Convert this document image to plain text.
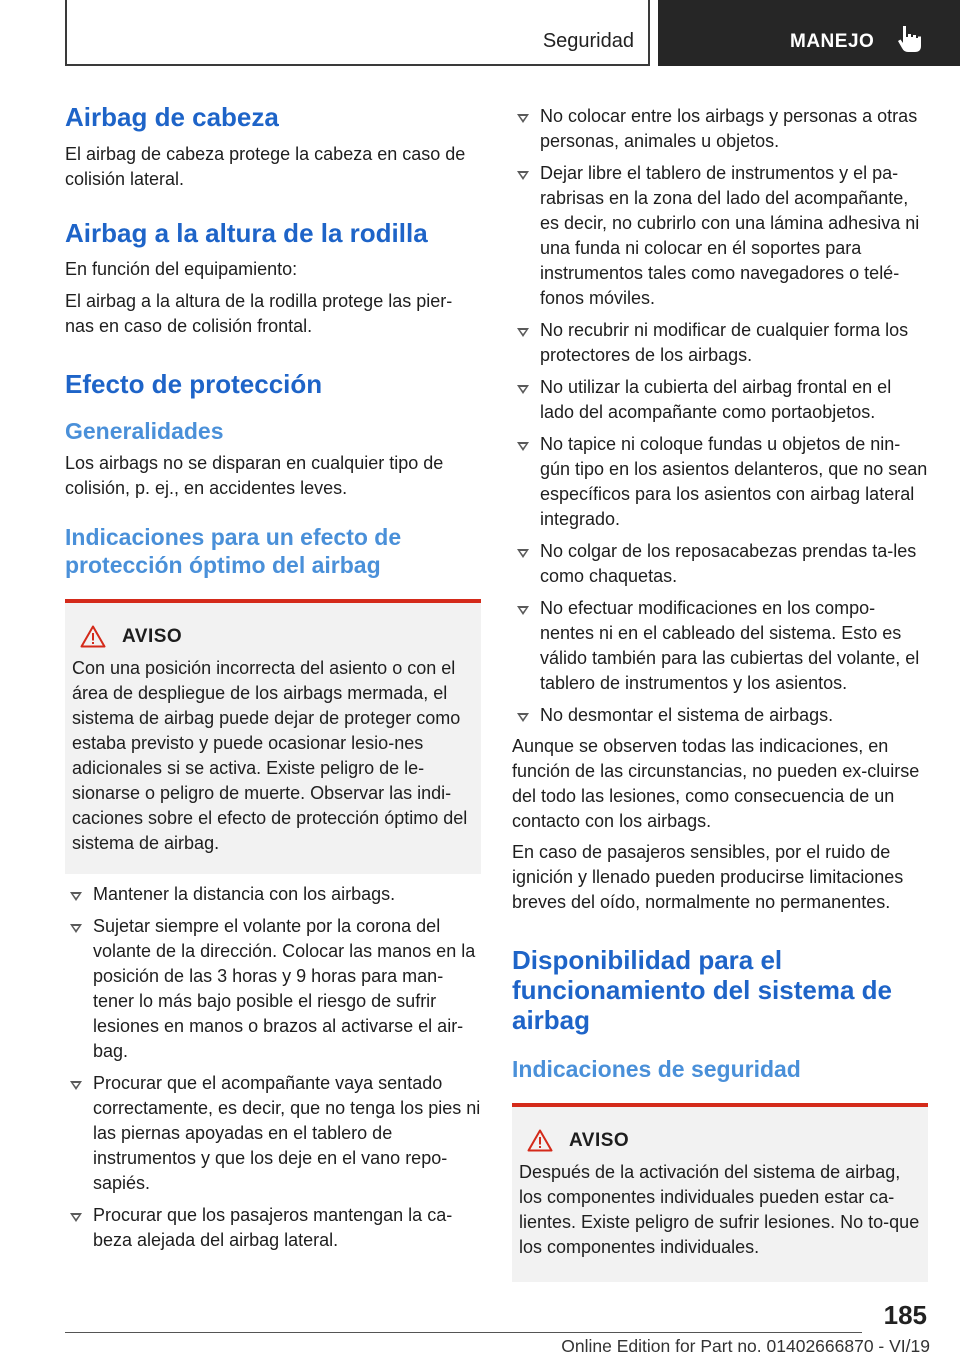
Seguridad	MANEJO
Airbag de cabeza

El airbag de cabeza protege la cabeza en caso de colisión lateral.

Airbag a la altura de la rodilla

En función del equipamiento:

El airbag a la altura de la rodilla protege las pier-nas en caso de colisión frontal.

Efecto de protección
Generalidades

Los airbags no se disparan en cualquier tipo de colisión, p. ej., en accidentes leves.

Indicaciones para un efecto de protección óptimo del airbag
AVISO

Con una posición incorrecta del asiento o con el área de despliegue de los airbags mermada, el sistema de airbag puede dejar de proteger como estaba previsto y puede ocasionar lesio-nes adicionales si se activa. Existe peligro de le-sionarse o peligro de muerte. Observar las indi-caciones sobre el efecto de protección óptimo del sistema de airbag.

Mantener la distancia con los airbags.
Sujetar siempre el volante por la corona del volante de la dirección. Colocar las manos en la posición de las 3 horas y 9 horas para man-tener lo más bajo posible el riesgo de sufrir lesiones en manos o brazos al activarse el air-bag.
Procurar que el acompañante vaya sentado correctamente, es decir, que no tenga los pies ni las piernas apoyadas en el tablero de instrumentos y que los deje en el vano repo-sapiés.
Procurar que los pasajeros mantengan la ca-beza alejada del airbag lateral.
No colocar entre los airbags y personas a otras personas, animales u objetos.
Dejar libre el tablero de instrumentos y el pa-rabrisas en la zona del lado del acompañante, es decir, no cubrirlo con una lámina adhesiva ni una funda ni colocar en él soportes para instrumentos tales como navegadores o telé-fonos móviles.
No recubrir ni modificar de cualquier forma los protectores de los airbags.
No utilizar la cubierta del airbag frontal en el lado del acompañante como portaobjetos.
No tapice ni coloque fundas u objetos de nin-gún tipo en los asientos delanteros, que no sean específicos para los asientos con airbag lateral integrado.
No colgar de los reposacabezas prendas ta-les como chaquetas.
No efectuar modificaciones en los compo-nentes ni en el cableado del sistema. Esto es válido también para las cubiertas del volante, el tablero de instrumentos y los asientos.
No desmontar el sistema de airbags.

Aunque se observen todas las indicaciones, en función de las circunstancias, no pueden ex-cluirse del todo las lesiones, como consecuencia de un contacto con los airbags.

En caso de pasajeros sensibles, por el ruido de ignición y llenado pueden producirse limitaciones breves del oído, normalmente no permanentes.

Disponibilidad para el funcionamiento del sistema de airbag
Indicaciones de seguridad
AVISO

Después de la activación del sistema de airbag, los componentes individuales pueden estar ca-lientes. Existe peligro de sufrir lesiones. No to-que los componentes individuales.

185
Online Edition for Part no. 01402666870 - VI/19
